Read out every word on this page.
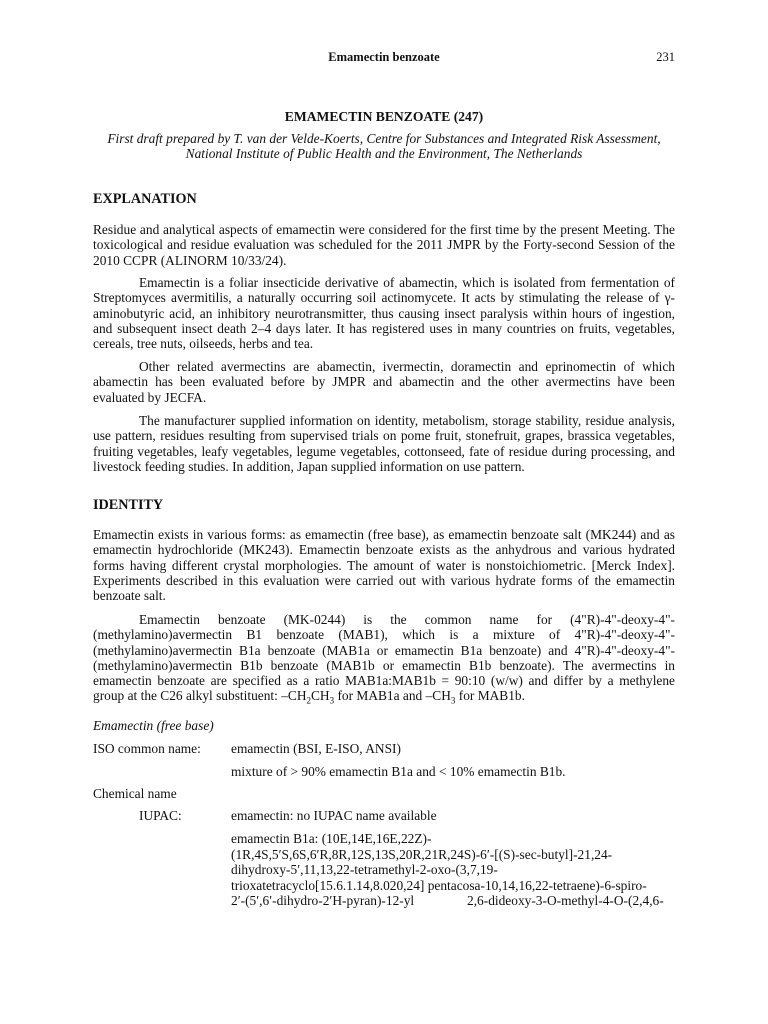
Emamectin benzoate	231
EMAMECTIN BENZOATE (247)
First draft prepared by T. van der Velde-Koerts, Centre for Substances and Integrated Risk Assessment, National Institute of Public Health and the Environment, The Netherlands
EXPLANATION

Residue and analytical aspects of emamectin were considered for the first time by the present Meeting. The toxicological and residue evaluation was scheduled for the 2011 JMPR by the Forty-second Session of the 2010 CCPR (ALINORM 10/33/24).

Emamectin is a foliar insecticide derivative of abamectin, which is isolated from fermentation of Streptomyces avermitilis, a naturally occurring soil actinomycete. It acts by stimulating the release of γ-aminobutyric acid, an inhibitory neurotransmitter, thus causing insect paralysis within hours of ingestion, and subsequent insect death 2–4 days later. It has registered uses in many countries on fruits, vegetables, cereals, tree nuts, oilseeds, herbs and tea.

Other related avermectins are abamectin, ivermectin, doramectin and eprinomectin of which abamectin has been evaluated before by JMPR and abamectin and the other avermectins have been evaluated by JECFA.

The manufacturer supplied information on identity, metabolism, storage stability, residue analysis, use pattern, residues resulting from supervised trials on pome fruit, stonefruit, grapes, brassica vegetables, fruiting vegetables, leafy vegetables, legume vegetables, cottonseed, fate of residue during processing, and livestock feeding studies. In addition, Japan supplied information on use pattern.

IDENTITY

Emamectin exists in various forms: as emamectin (free base), as emamectin benzoate salt (MK244) and as emamectin hydrochloride (MK243). Emamectin benzoate exists as the anhydrous and various hydrated forms having different crystal morphologies. The amount of water is nonstoichiometric. [Merck Index]. Experiments described in this evaluation were carried out with various hydrate forms of the emamectin benzoate salt.

Emamectin benzoate (MK-0244) is the common name for (4"R)-4"-deoxy-4"-(methylamino)avermectin B1 benzoate (MAB1), which is a mixture of 4"R)-4"-deoxy-4"-(methylamino)avermectin B1a benzoate (MAB1a or emamectin B1a benzoate) and 4"R)-4"-deoxy-4"-(methylamino)avermectin B1b benzoate (MAB1b or emamectin B1b benzoate). The avermectins in emamectin benzoate are specified as a ratio MAB1a:MAB1b = 90:10 (w/w) and differ by a methylene group at the C26 alkyl substituent: $-CH_2CH_3$ for MAB1a and $-CH_3$ for MAB1b.

Emamectin (free base)
ISO common name: emamectin (BSI, E-ISO, ANSI)
mixture of > 90% emamectin B1a and < 10% emamectin B1b.
Chemical name
IUPAC:	emamectin: no IUPAC name available
emamectin B1a: (10E,14E,16E,22Z)-
(1R,4S,5′S,6S,6′R,8R,12S,13S,20R,21R,24S)-6′-[(S)-sec-butyl]-21,24-
dihydroxy-5′,11,13,22-tetramethyl-2-oxo-(3,7,19-
trioxatetracyclo[15.6.1.14,8.020,24] pentacosa-10,14,16,22-tetraene)-6-spiro-
2′-(5′,6′-dihydro-2′H-pyran)-12-yl	2,6-dideoxy-3-O-methyl-4-O-(2,4,6-
